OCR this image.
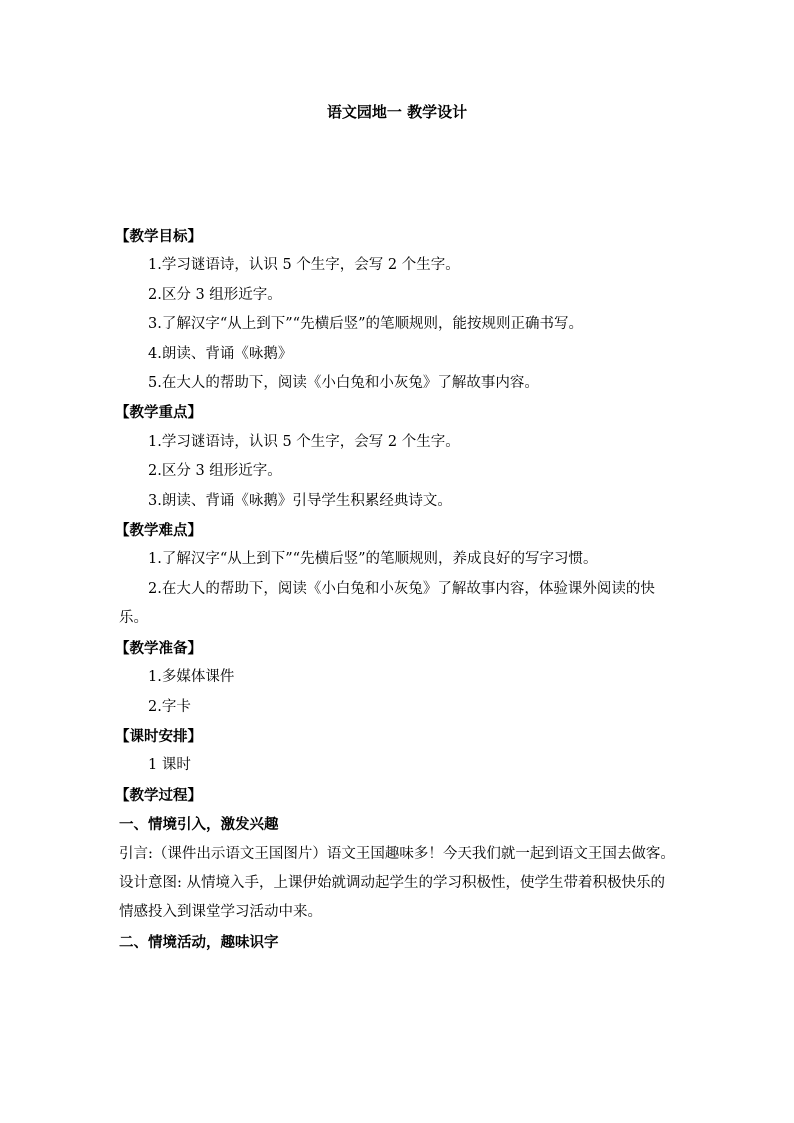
语文园地一 教学设计
【教学目标】
1.学习谜语诗，认识 5 个生字，会写 2 个生字。
2.区分 3 组形近字。
3.了解汉字“从上到下”“先横后竖”的笔顺规则，能按规则正确书写。
4.朗读、背诵《咏鹅》
5.在大人的帮助下，阅读《小白兔和小灰兔》了解故事内容。
【教学重点】
1.学习谜语诗，认识 5 个生字，会写 2 个生字。
2.区分 3 组形近字。
3.朗读、背诵《咏鹅》引导学生积累经典诗文。
【教学难点】
1.了解汉字“从上到下”“先横后竖”的笔顺规则，养成良好的写字习惯。
2.在大人的帮助下，阅读《小白兔和小灰兔》了解故事内容，体验课外阅读的快乐。
【教学准备】
1.多媒体课件
2.字卡
【课时安排】
1 课时
【教学过程】
一、情境引入，激发兴趣
引言:（课件出示语文王国图片）语文王国趣味多！今天我们就一起到语文王国去做客。
设计意图: 从情境入手，上课伊始就调动起学生的学习积极性，使学生带着积极快乐的情感投入到课堂学习活动中来。
二、情境活动，趣味识字
